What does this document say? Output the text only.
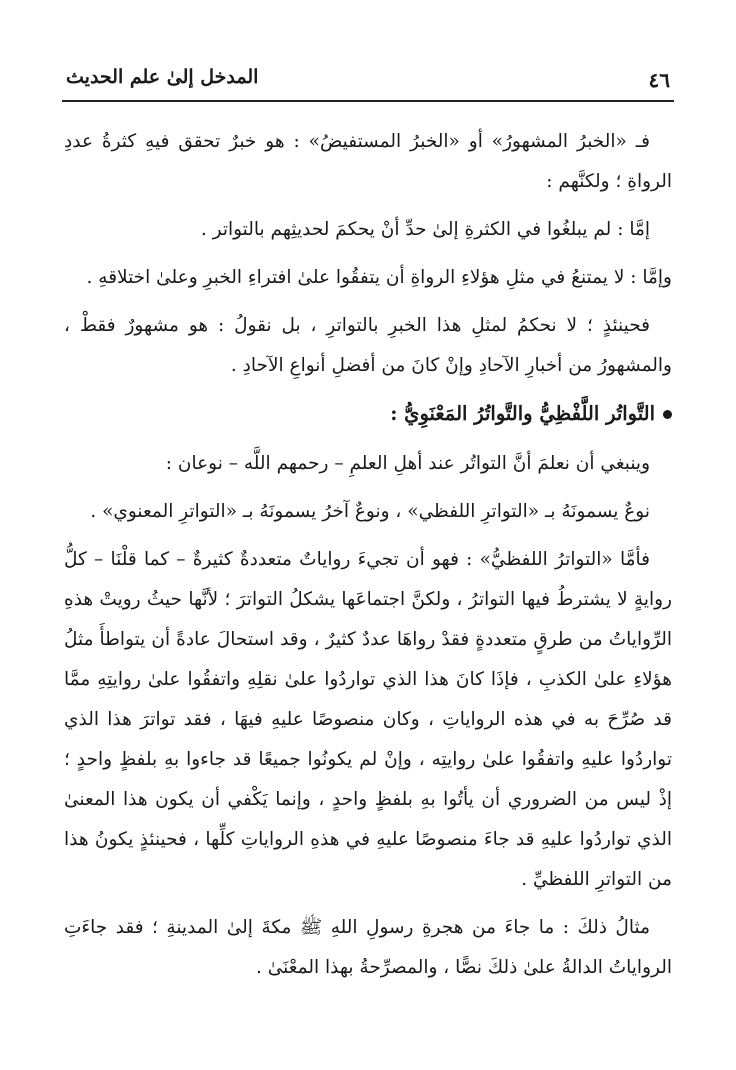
٤٦
المدخل إلىٰ علم الحديث

فـ «الخبرُ المشهورُ» أو «الخبرُ المستفيضُ» : هو خبرٌ تحقق فيهِ كثرةُ عددِ الرواةِ ؛ ولكنَّهم :

إمَّا : لم يبلغُوا في الكثرةِ إلىٰ حدِّ أنْ يحكمَ لحديثِهم بالتواتر .

وإمَّا : لا يمتنعُ في مثلِ هؤلاءِ الرواةِ أن يتفقُوا علىٰ افتراءِ الخبرِ وعلىٰ اختلاقهِ .

فحينئذٍ ؛ لا نحكمُ لمثلِ هذا الخبرِ بالتواترِ ، بل نقولُ : هو مشهورٌ فقطْ ، والمشهورُ من أخبارِ الآحادِ وإنْ كانَ من أفضلِ أنواعِ الآحادِ .

التَّواتُر اللَّفْظِيُّ والتَّواتُرُ المَعْنَوِيُّ :

وينبغي أن نعلمَ أنَّ التواتُر عند أهلِ العلمِ – رحمهم اللَّه – نوعان :

نوعٌ يسمونَهُ بـ «التواترِ اللفظي» ، ونوعٌ آخرُ يسمونَهُ بـ «التواترِ المعنوي» .

فأمَّا «التواترُ اللفظيُّ» : فهو أن تجيءَ رواياتٌ متعددةٌ كثيرةٌ – كما قلْنَا – كلُّ روايةٍ لا يشترطُ فيها التواترُ ، ولكنَّ اجتماعَها يشكلُ التواترَ ؛ لأنَّها حيثُ رويتْ هذهِ الرِّواياتُ من طرقٍ متعددةٍ فقدْ رواهَا عددٌ كثيرٌ ، وقد استحالَ عادةً أن يتواطأَ مثلُ هؤلاءِ علىٰ الكذبِ ، فإذَا كانَ هذا الذي تواردُوا علىٰ نقلِهِ واتفقُوا علىٰ روايتِهِ ممَّا قد صُرِّحَ به في هذه الرواياتِ ، وكان منصوصًا عليهِ فيهَا ، فقد تواترَ هذا الذي تواردُوا عليهِ واتفقُوا علىٰ روايتِه ، وإنْ لم يكونُوا جميعًا قد جاءوا بهِ بلفظٍ واحدٍ ؛ إذْ ليس من الضروري أن يأتُوا بهِ بلفظٍ واحدٍ ، وإنما يَكْفي أن يكون هذا المعنىٰ الذي تواردُوا عليهِ قد جاءَ منصوصًا عليهِ في هذهِ الرواياتِ كلِّها ، فحينئذٍ يكونُ هذا من التواترِ اللفظيِّ .

مثالُ ذلكَ : ما جاءَ من هجرةِ رسولِ اللهِ ﷺ مكةَ إلىٰ المدينةِ ؛ فقد جاءَتِ الرواياتُ الدالةُ علىٰ ذلكَ نصًّا ، والمصرِّحةُ بهذا المعْنَىٰ .
